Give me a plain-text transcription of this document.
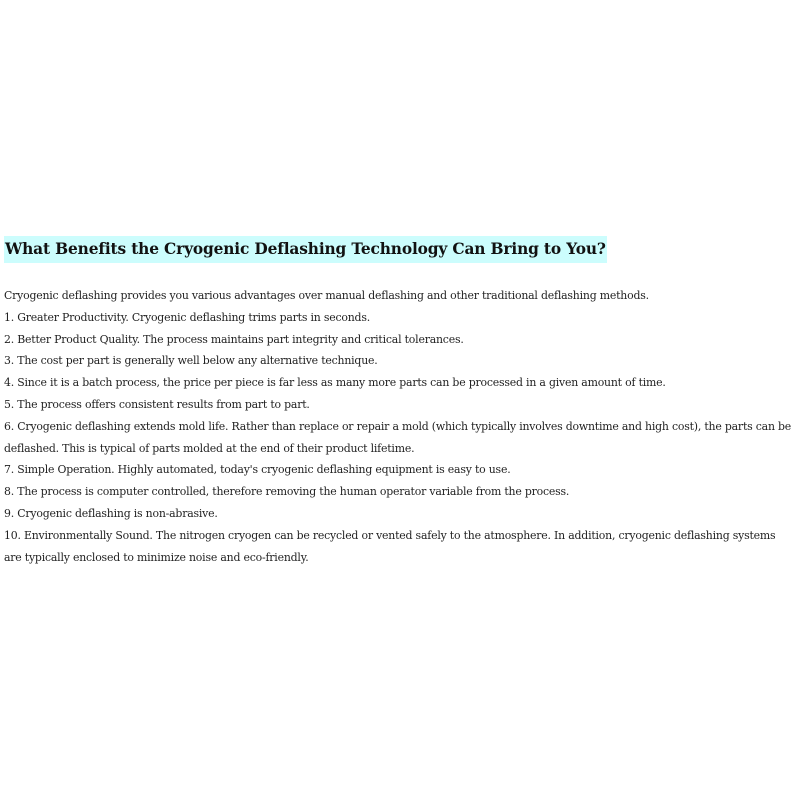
What Benefits the Cryogenic Deflashing Technology Can Bring to You?

Cryogenic deflashing provides you various advantages over manual deflashing and other traditional deflashing methods.

1. Greater Productivity. Cryogenic deflashing trims parts in seconds.

2. Better Product Quality. The process maintains part integrity and critical tolerances.

3. The cost per part is generally well below any alternative technique.

4. Since it is a batch process, the price per piece is far less as many more parts can be processed in a given amount of time.

5. The process offers consistent results from part to part.

6. Cryogenic deflashing extends mold life. Rather than replace or repair a mold (which typically involves downtime and high cost), the parts can be deflashed. This is typical of parts molded at the end of their product lifetime.

7. Simple Operation. Highly automated, today's cryogenic deflashing equipment is easy to use.

8. The process is computer controlled, therefore removing the human operator variable from the process.

9. Cryogenic deflashing is non-abrasive.

10. Environmentally Sound. The nitrogen cryogen can be recycled or vented safely to the atmosphere. In addition, cryogenic deflashing systems are typically enclosed to minimize noise and eco-friendly.
